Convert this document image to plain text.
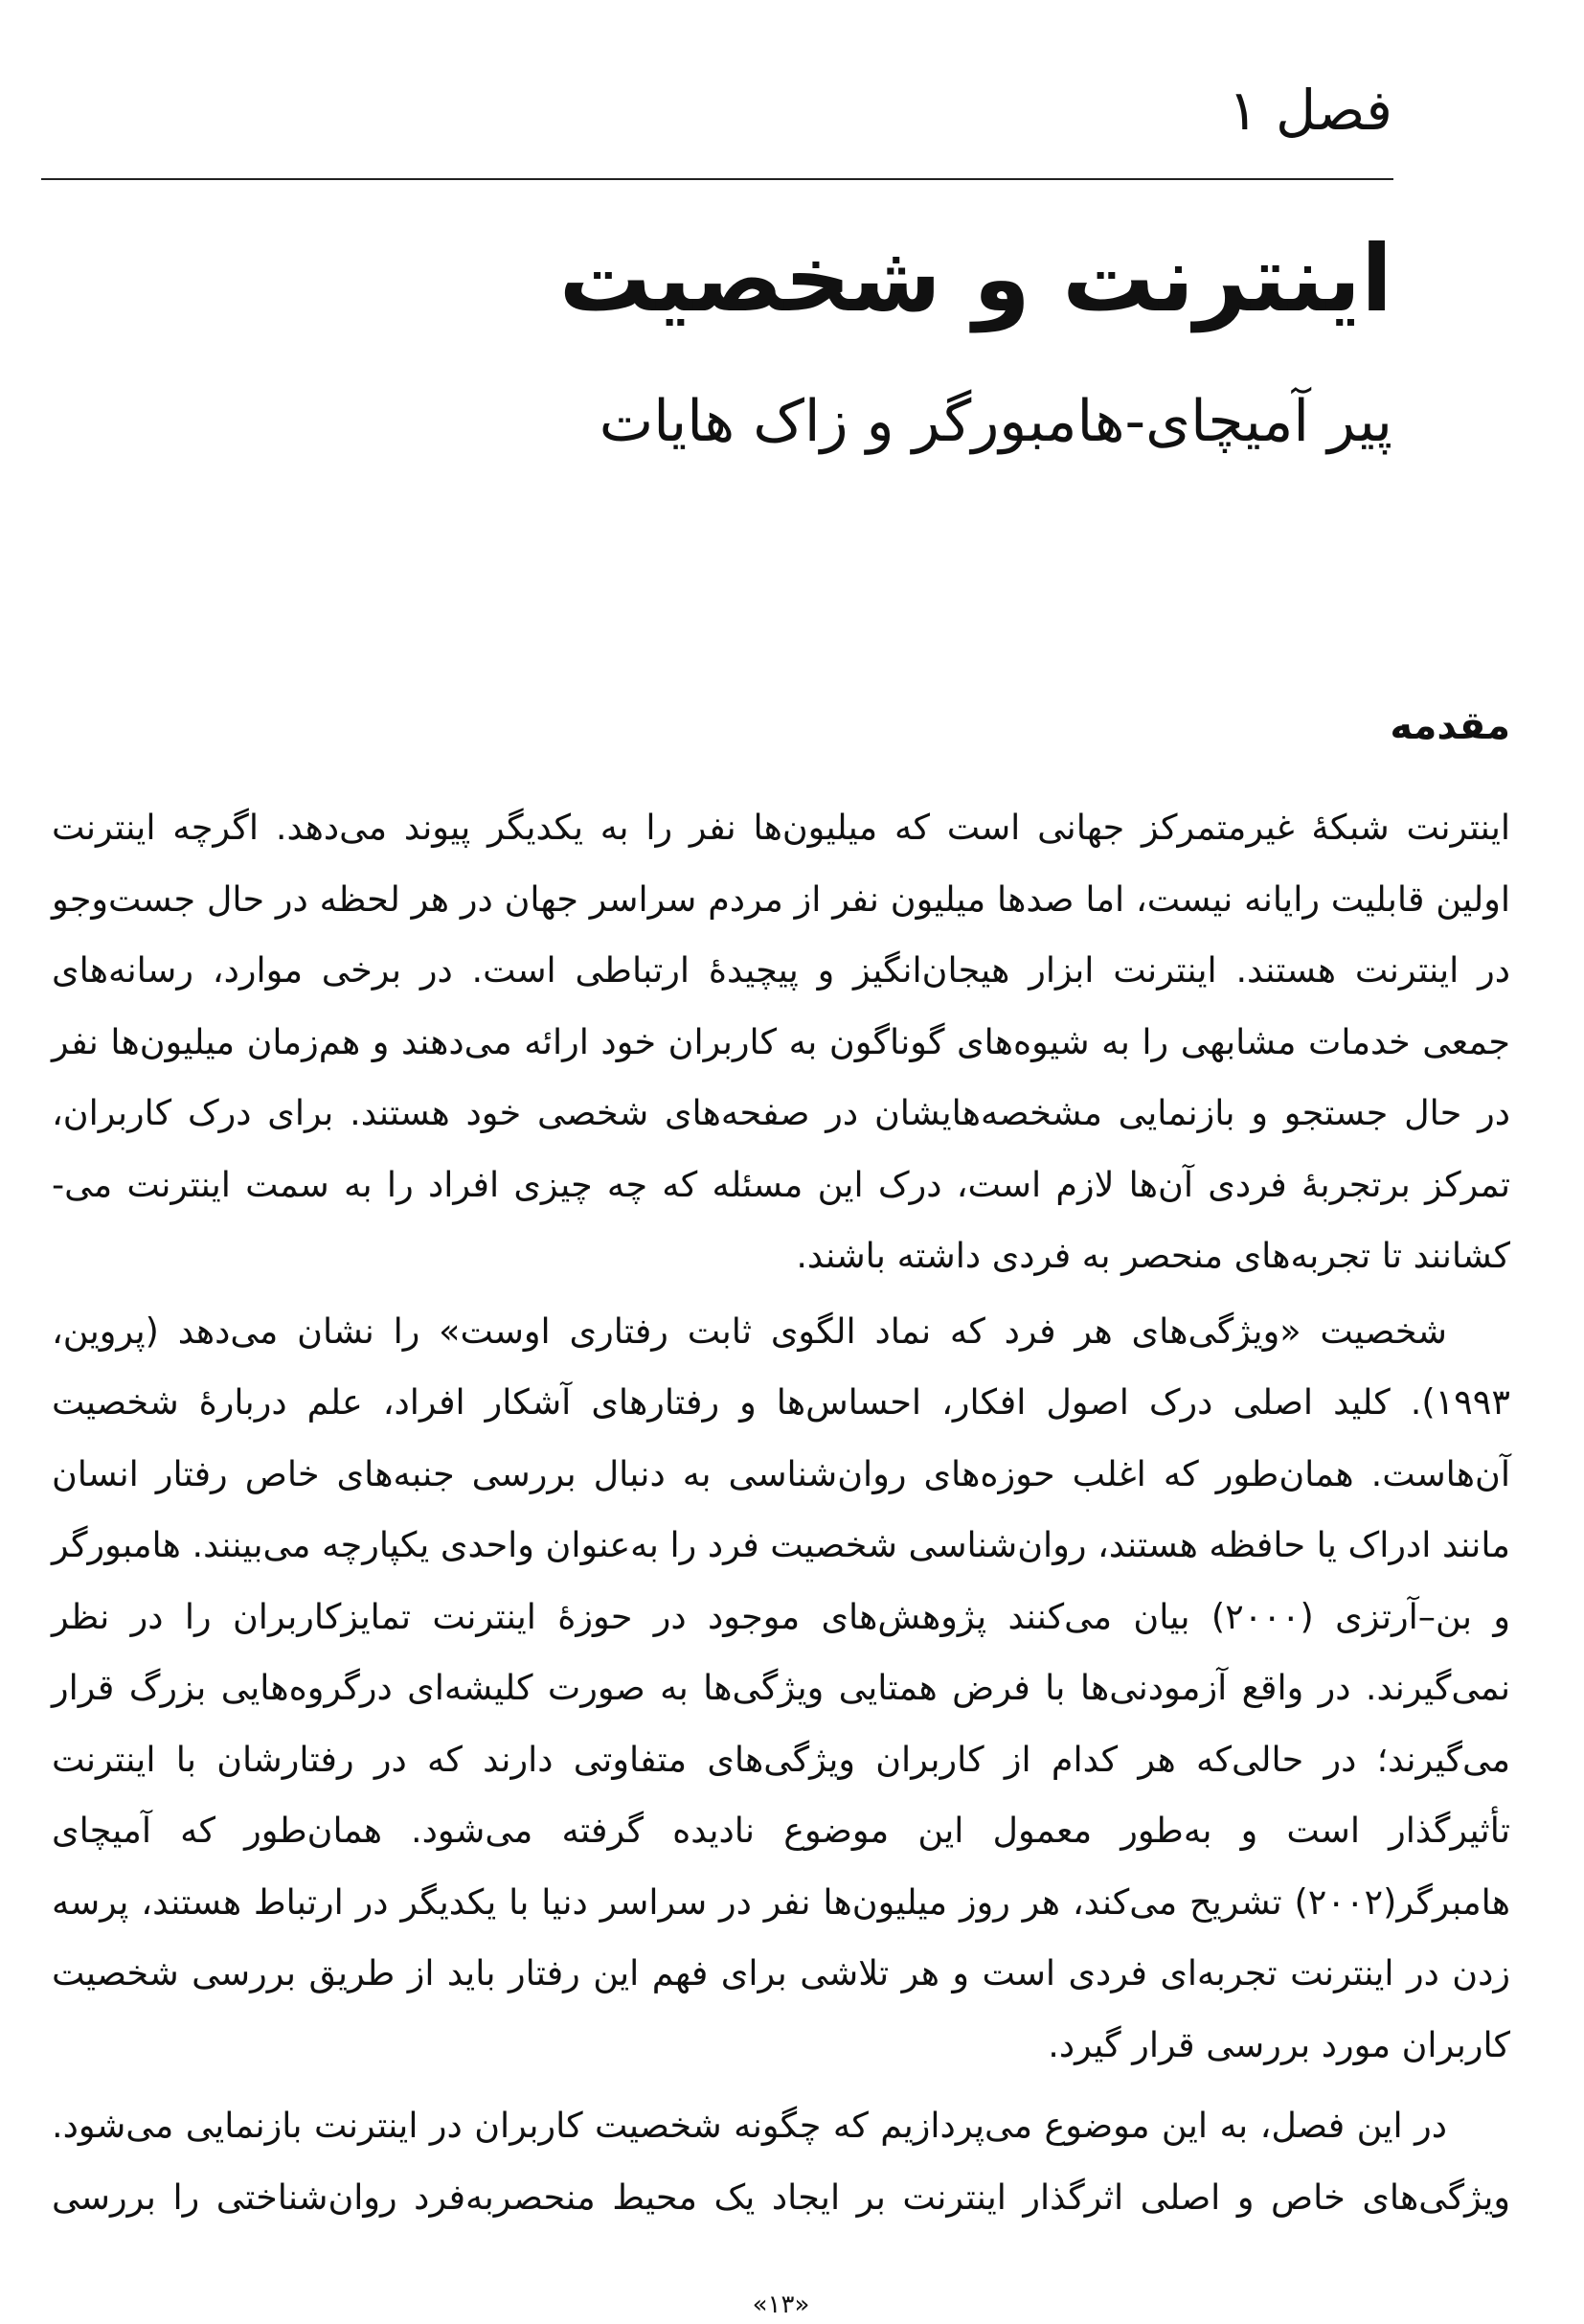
فصل ۱
اینترنت و شخصیت
پیر آمیچای-هامبورگر و زاک هایات
مقدمه
اینترنت شبکهٔ غیرمتمرکز جهانی است که میلیون‌ها نفر را به یکدیگر پیوند می‌دهد. اگرچه اینترنت
اولین قابلیت رایانه نیست، اما صدها میلیون نفر از مردم سراسر جهان در هر لحظه در حال جست‌وجو
در اینترنت هستند. اینترنت ابزار هیجان‌انگیز و پیچیدهٔ ارتباطی است. در برخی موارد، رسانه‌های
جمعی خدمات مشابهی را به شیوه‌های گوناگون به کاربران خود ارائه می‌دهند و هم‌زمان میلیون‌ها نفر
در حال جستجو و بازنمایی مشخصه‌هایشان در صفحه‌های شخصی خود هستند. برای درک کاربران،
تمرکز برتجربهٔ فردی آن‌ها لازم است، درک این مسئله که چه چیزی افراد را به سمت اینترنت می-
کشانند تا تجربه‌های منحصر به فردی داشته باشند.
شخصیت «ویژگی‌های هر فرد که نماد الگوی ثابت رفتاری اوست» را نشان می‌دهد (پروین،
۱۹۹۳). کلید اصلی درک اصول افکار، احساس‌ها و رفتارهای آشکار افراد، علم دربارهٔ شخصیت
آن‌هاست. همان‌طور که اغلب حوزه‌های روان‌شناسی به دنبال بررسی جنبه‌های خاص رفتار انسان
مانند ادراک یا حافظه هستند، روان‌شناسی شخصیت فرد را به‌عنوان واحدی یکپارچه می‌بینند. هامبورگر
و بن–آرتزی (۲۰۰۰) بیان می‌کنند پژوهش‌های موجود در حوزهٔ اینترنت تمایزکاربران را در نظر
نمی‌گیرند. در واقع آزمودنی‌ها با فرض همتایی ویژگی‌ها به صورت کلیشه‌ای درگروه‌هایی بزرگ قرار
می‌گیرند؛ در حالی‌که هر کدام از کاربران ویژگی‌های متفاوتی دارند که در رفتارشان با اینترنت
تأثیرگذار است و به‌طور معمول این موضوع نادیده گرفته می‌شود. همان‌طور که آمیچای
هامبرگر(۲۰۰۲) تشریح می‌کند، هر روز میلیون‌ها نفر در سراسر دنیا با یکدیگر در ارتباط هستند، پرسه
زدن در اینترنت تجربه‌ای فردی است و هر تلاشی برای فهم این رفتار باید از طریق بررسی شخصیت
کاربران مورد بررسی قرار گیرد.
در این فصل، به این موضوع می‌پردازیم که چگونه شخصیت کاربران در اینترنت بازنمایی می‌شود.
ویژگی‌های خاص و اصلی اثرگذار اینترنت بر ایجاد یک محیط منحصربه‌فرد روان‌شناختی را بررسی
«۱۳»
